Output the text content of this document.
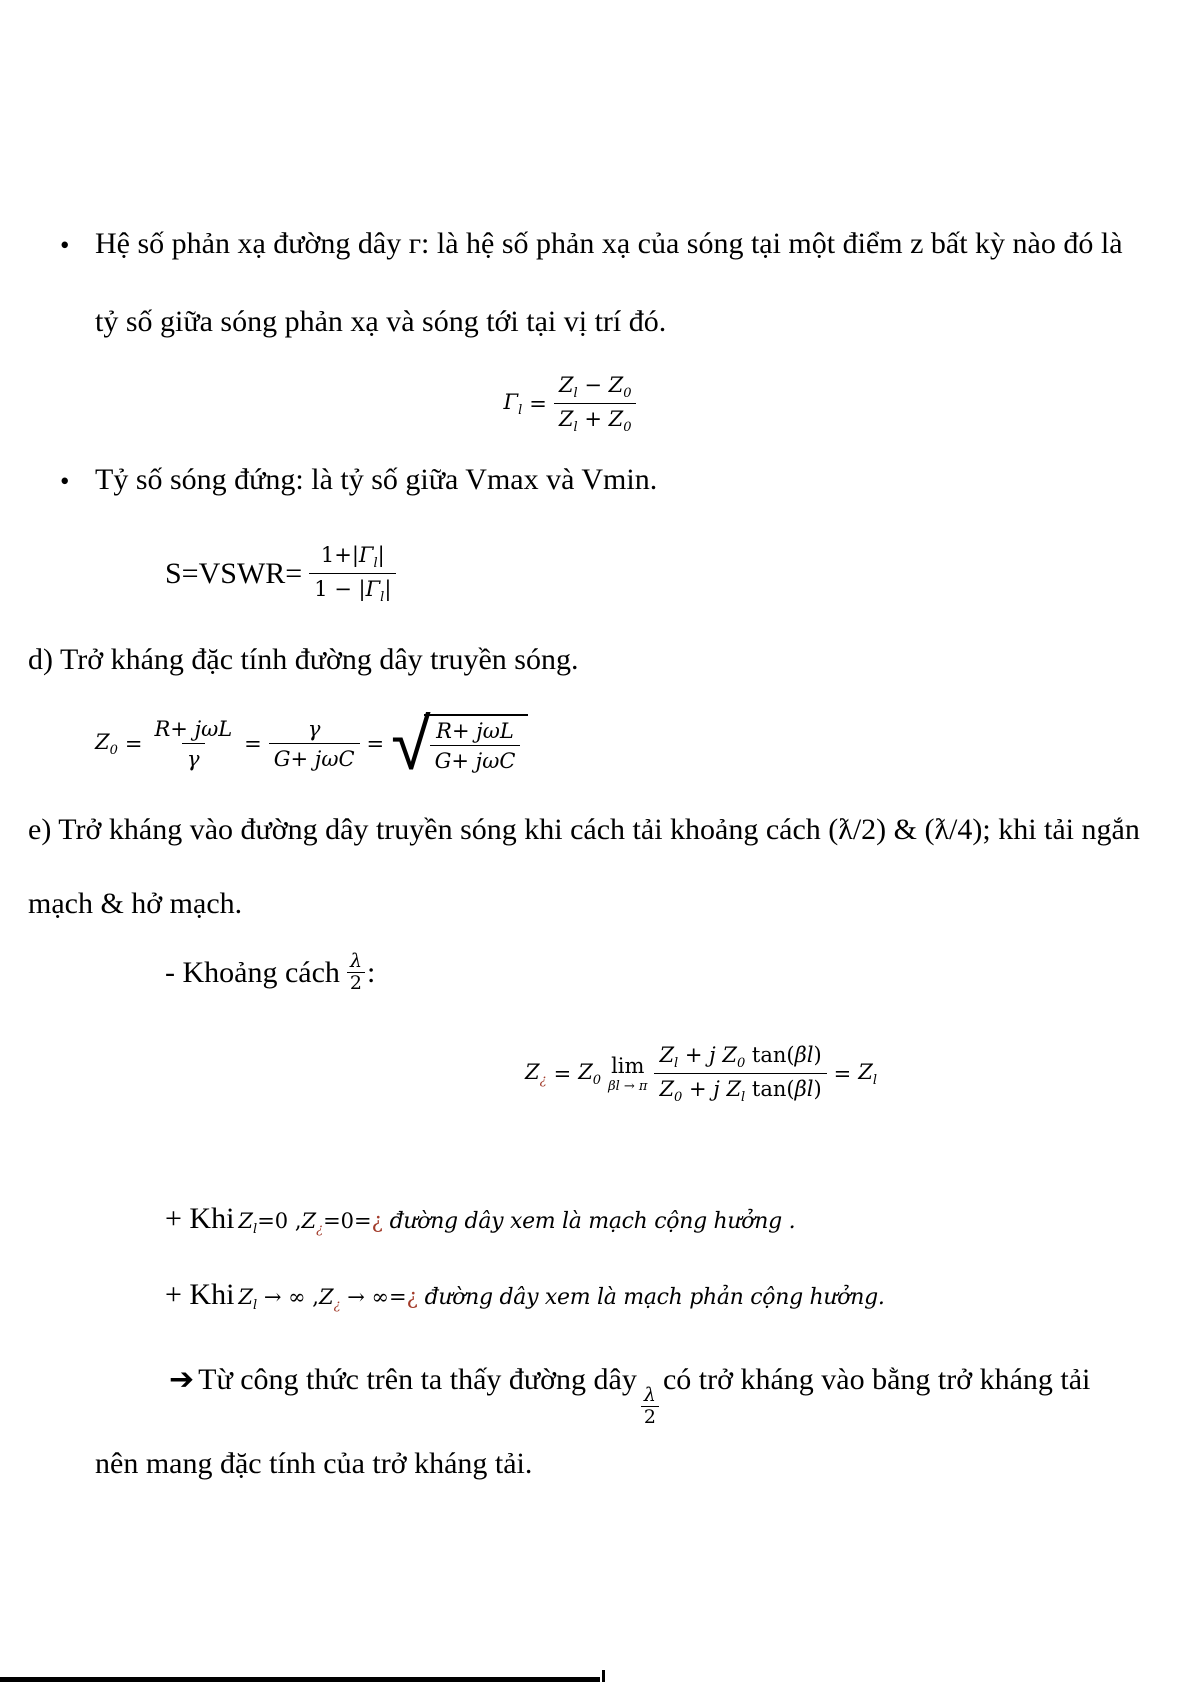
• Hệ số phản xạ đường dây г: là hệ số phản xạ của sóng tại một điểm z bất kỳ nào đó là
tỷ số giữa sóng phản xạ và sóng tới tại vị trí đó.
$\Gamma_l = \frac{Z_l - Z_0}{Z_l + Z_0}$
• Tỷ số sóng đứng: là tỷ số giữa Vmax và Vmin.
S=VSWR= $\frac{1+|\Gamma_l|}{1 - |\Gamma_l|}$
d) Trở kháng đặc tính đường dây truyền sóng.
$Z_0 = \frac{\text{R+ jωL}}{\gamma} = \frac{\gamma}{\text{G+ jωC}}$ = √ $\frac{\text{R+ jωL}}{\text{G+ jωC}}$
e) Trở kháng vào đường dây truyền sóng khi cách tải khoảng cách (ƛ/2) & (ƛ/4); khi tải ngắn
mạch & hở mạch.
- Khoảng cách λ
2 :
$Z_¿ = Z_0$
lim
βl → π $\frac{Z_l + j Z_0 \tan(\beta l)}{Z_0 + j Z_l \tan(\beta l)} = Z_l$
+ Khi $Z_l=0$ $,Z_¿=0=¿$ đường dây xem là mạch cộng hưởng .
+ Khi $Z_l$ → ∞ $,Z_¿$ → ∞=¿ đường dây xem là mạch phản cộng hưởng.
➔ Từ công thức trên ta thấy đường dây
$\frac{\lambda}{2}$
có trở kháng vào bằng trở kháng tải
nên mang đặc tính của trở kháng tải.
